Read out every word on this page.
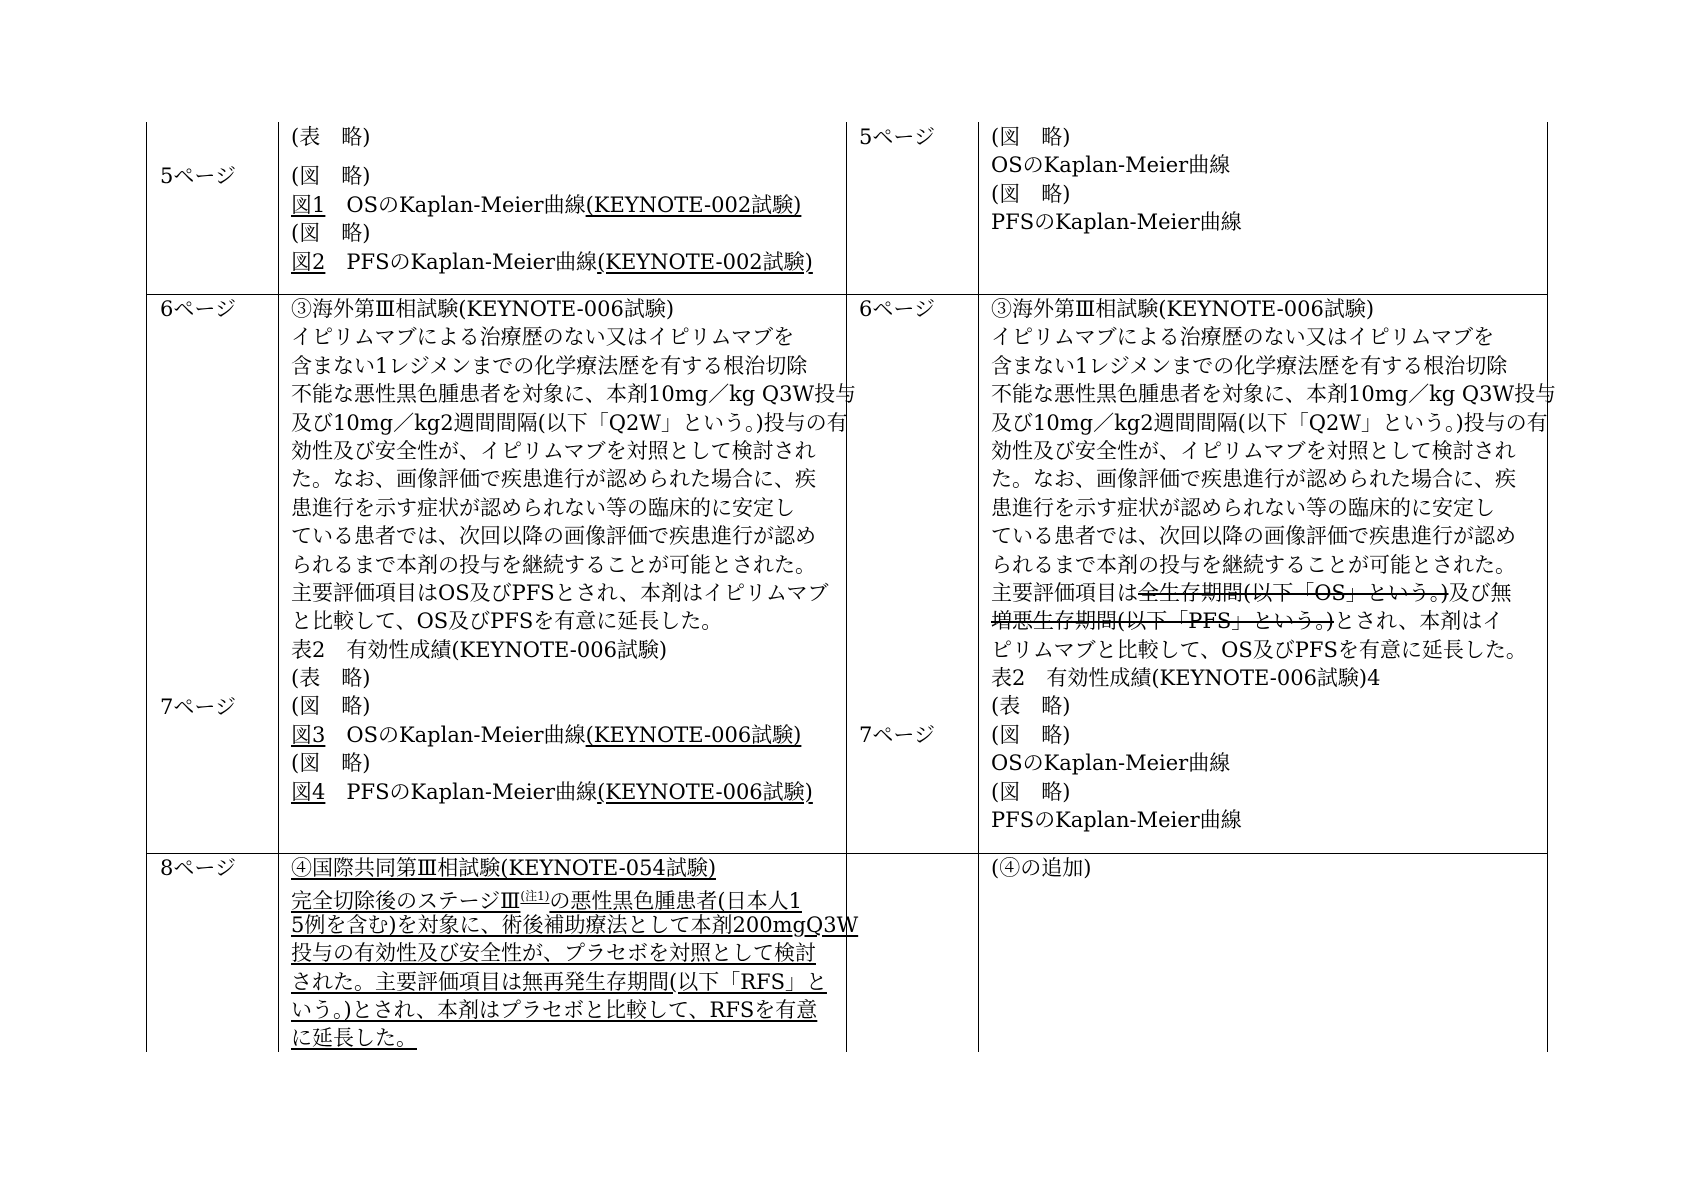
5ページ
(表　略)
(図　略)
図1　OSのKaplan-Meier曲線(KEYNOTE-002試験)
(図　略)
図2　PFSのKaplan-Meier曲線(KEYNOTE-002試験)
5ページ	(図　略)
OSのKaplan-Meier曲線
(図　略)
PFSのKaplan-Meier曲線
6ページ
7ページ
③海外第Ⅲ相試験(KEYNOTE-006試験)
イピリムマブによる治療歴のない又はイピリムマブを
含まない1レジメンまでの化学療法歴を有する根治切除
不能な悪性黒色腫患者を対象に、本剤10mg／kg Q3W投与
及び10mg／kg2週間間隔(以下「Q2W」という。)投与の有
効性及び安全性が、イピリムマブを対照として検討され
た。なお、画像評価で疾患進行が認められた場合に、疾
患進行を示す症状が認められない等の臨床的に安定し
ている患者では、次回以降の画像評価で疾患進行が認め
られるまで本剤の投与を継続することが可能とされた。
主要評価項目はOS及びPFSとされ、本剤はイピリムマブ
と比較して、OS及びPFSを有意に延長した。
表2　有効性成績(KEYNOTE-006試験)
(表　略)
(図　略)
図3　OSのKaplan-Meier曲線(KEYNOTE-006試験)
(図　略)
図4　PFSのKaplan-Meier曲線(KEYNOTE-006試験)
6ページ
7ページ
③海外第Ⅲ相試験(KEYNOTE-006試験)
イピリムマブによる治療歴のない又はイピリムマブを
含まない1レジメンまでの化学療法歴を有する根治切除
不能な悪性黒色腫患者を対象に、本剤10mg／kg Q3W投与
及び10mg／kg2週間間隔(以下「Q2W」という。)投与の有
効性及び安全性が、イピリムマブを対照として検討され
た。なお、画像評価で疾患進行が認められた場合に、疾
患進行を示す症状が認められない等の臨床的に安定し
ている患者では、次回以降の画像評価で疾患進行が認め
られるまで本剤の投与を継続することが可能とされた。
主要評価項目は全生存期間(以下「OS」という。)及び無
増悪生存期間(以下「PFS」という。)とされ、本剤はイ
ピリムマブと比較して、OS及びPFSを有意に延長した。
表2　有効性成績(KEYNOTE-006試験)4
(表　略)
(図　略)
OSのKaplan-Meier曲線
(図　略)
PFSのKaplan-Meier曲線
8ページ	④国際共同第Ⅲ相試験(KEYNOTE-054試験)
完全切除後のステージⅢ$^{(注1)}$の悪性黒色腫患者(日本人1
5例を含む)を対象に、術後補助療法として本剤200mgQ3W
投与の有効性及び安全性が、プラセボを対照として検討
された。主要評価項目は無再発生存期間(以下「RFS」と
いう。)とされ、本剤はプラセボと比較して、RFSを有意
に延長した。
(④の追加)
